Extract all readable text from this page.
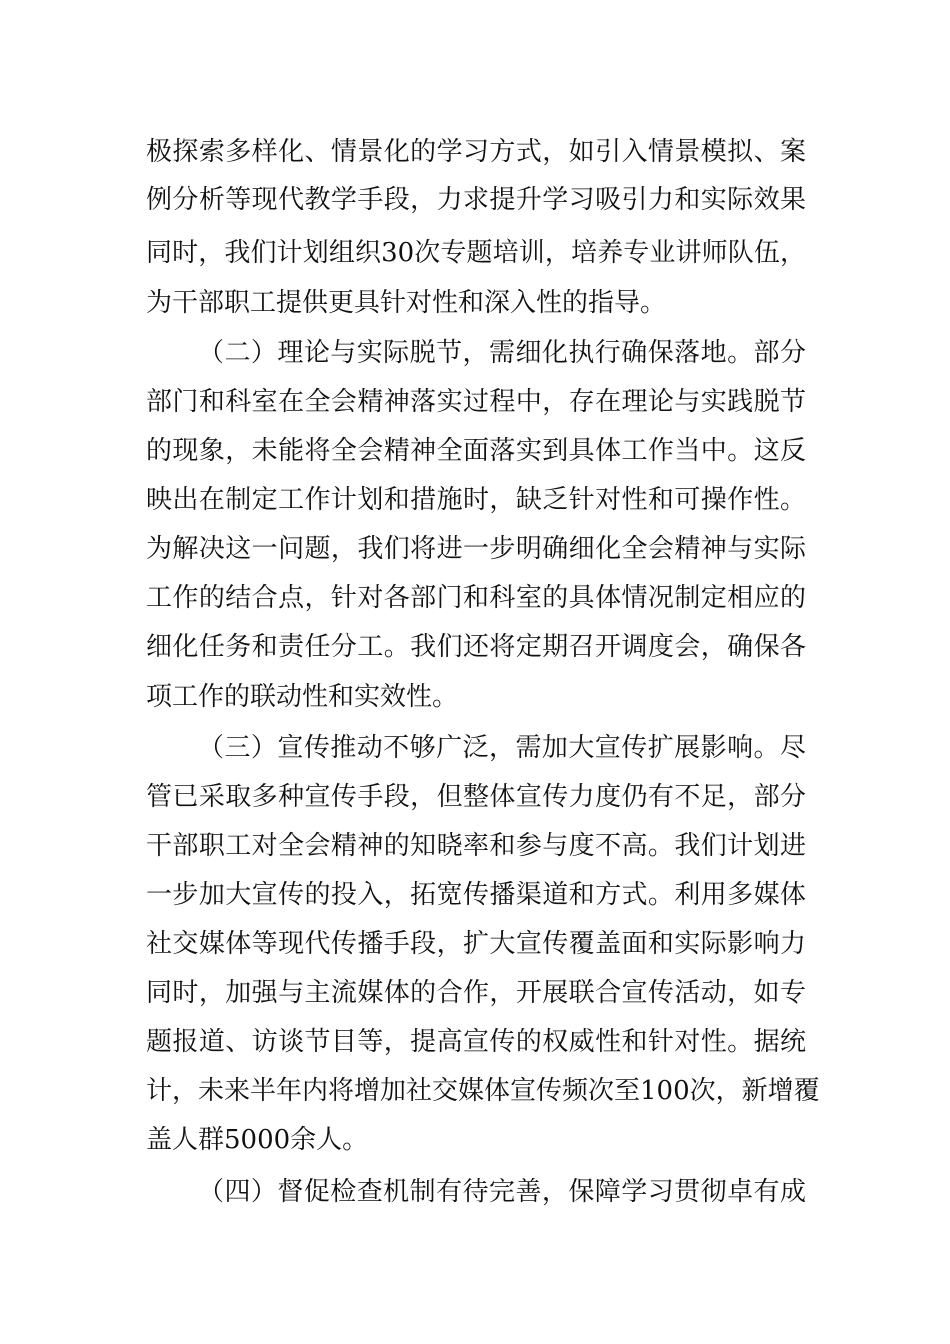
极探索多样化、情景化的学习方式，如引入情景模拟、案
例分析等现代教学手段，力求提升学习吸引力和实际效果
同时，我们计划组织30次专题培训，培养专业讲师队伍，
为干部职工提供更具针对性和深入性的指导。
（二）理论与实际脱节，需细化执行确保落地。部分
部门和科室在全会精神落实过程中，存在理论与实践脱节
的现象，未能将全会精神全面落实到具体工作当中。这反
映出在制定工作计划和措施时，缺乏针对性和可操作性。
为解决这一问题，我们将进一步明确细化全会精神与实际
工作的结合点，针对各部门和科室的具体情况制定相应的
细化任务和责任分工。我们还将定期召开调度会，确保各
项工作的联动性和实效性。
（三）宣传推动不够广泛，需加大宣传扩展影响。尽
管已采取多种宣传手段，但整体宣传力度仍有不足，部分
干部职工对全会精神的知晓率和参与度不高。我们计划进
一步加大宣传的投入，拓宽传播渠道和方式。利用多媒体
社交媒体等现代传播手段，扩大宣传覆盖面和实际影响力
同时，加强与主流媒体的合作，开展联合宣传活动，如专
题报道、访谈节目等，提高宣传的权威性和针对性。据统
计，未来半年内将增加社交媒体宣传频次至100次，新增覆
盖人群5000余人。
（四）督促检查机制有待完善，保障学习贯彻卓有成
